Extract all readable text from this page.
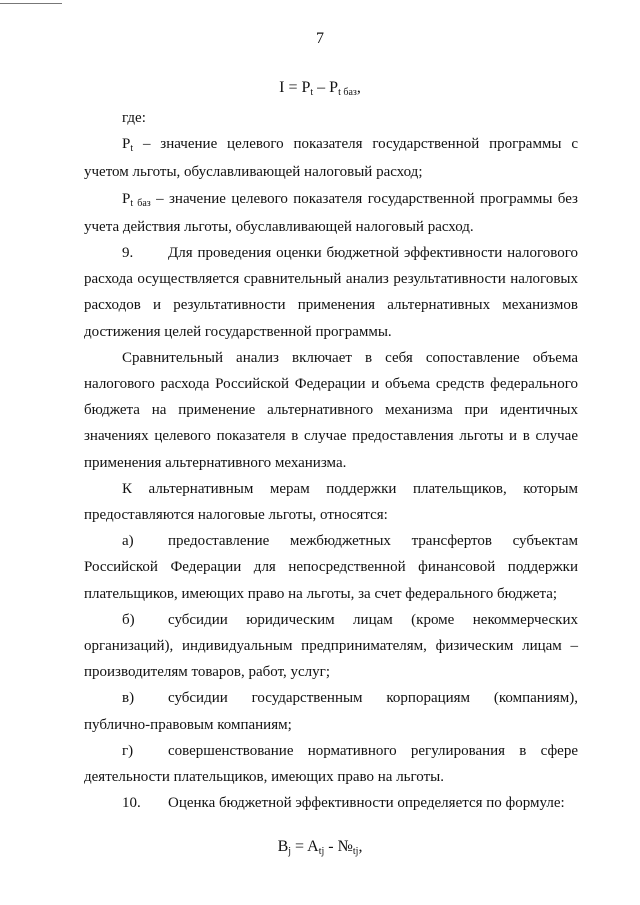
7
I = Pt – Pt баз,

где:

$P_t$ – значение целевого показателя государственной программы с учетом льготы, обуславливающей налоговый расход;

$P_{t баз}$ – значение целевого показателя государственной программы без учета действия льготы, обуславливающей налоговый расход.

9. Для проведения оценки бюджетной эффективности налогового расхода осуществляется сравнительный анализ результативности налоговых расходов и результативности применения альтернативных механизмов достижения целей государственной программы.

Сравнительный анализ включает в себя сопоставление объема налогового расхода Российской Федерации и объема средств федерального бюджета на применение альтернативного механизма при идентичных значениях целевого показателя в случае предоставления льготы и в случае применения альтернативного механизма.

К альтернативным мерам поддержки плательщиков, которым предоставляются налоговые льготы, относятся:

а) предоставление межбюджетных трансфертов субъектам Российской Федерации для непосредственной финансовой поддержки плательщиков, имеющих право на льготы, за счет федерального бюджета;

б) субсидии юридическим лицам (кроме некоммерческих организаций), индивидуальным предпринимателям, физическим лицам – производителям товаров, работ, услуг;

в) субсидии государственным корпорациям (компаниям), публично-правовым компаниям;

г) совершенствование нормативного регулирования в сфере деятельности плательщиков, имеющих право на льготы.

10. Оценка бюджетной эффективности определяется по формуле:

Bj = Atj - №tj,
